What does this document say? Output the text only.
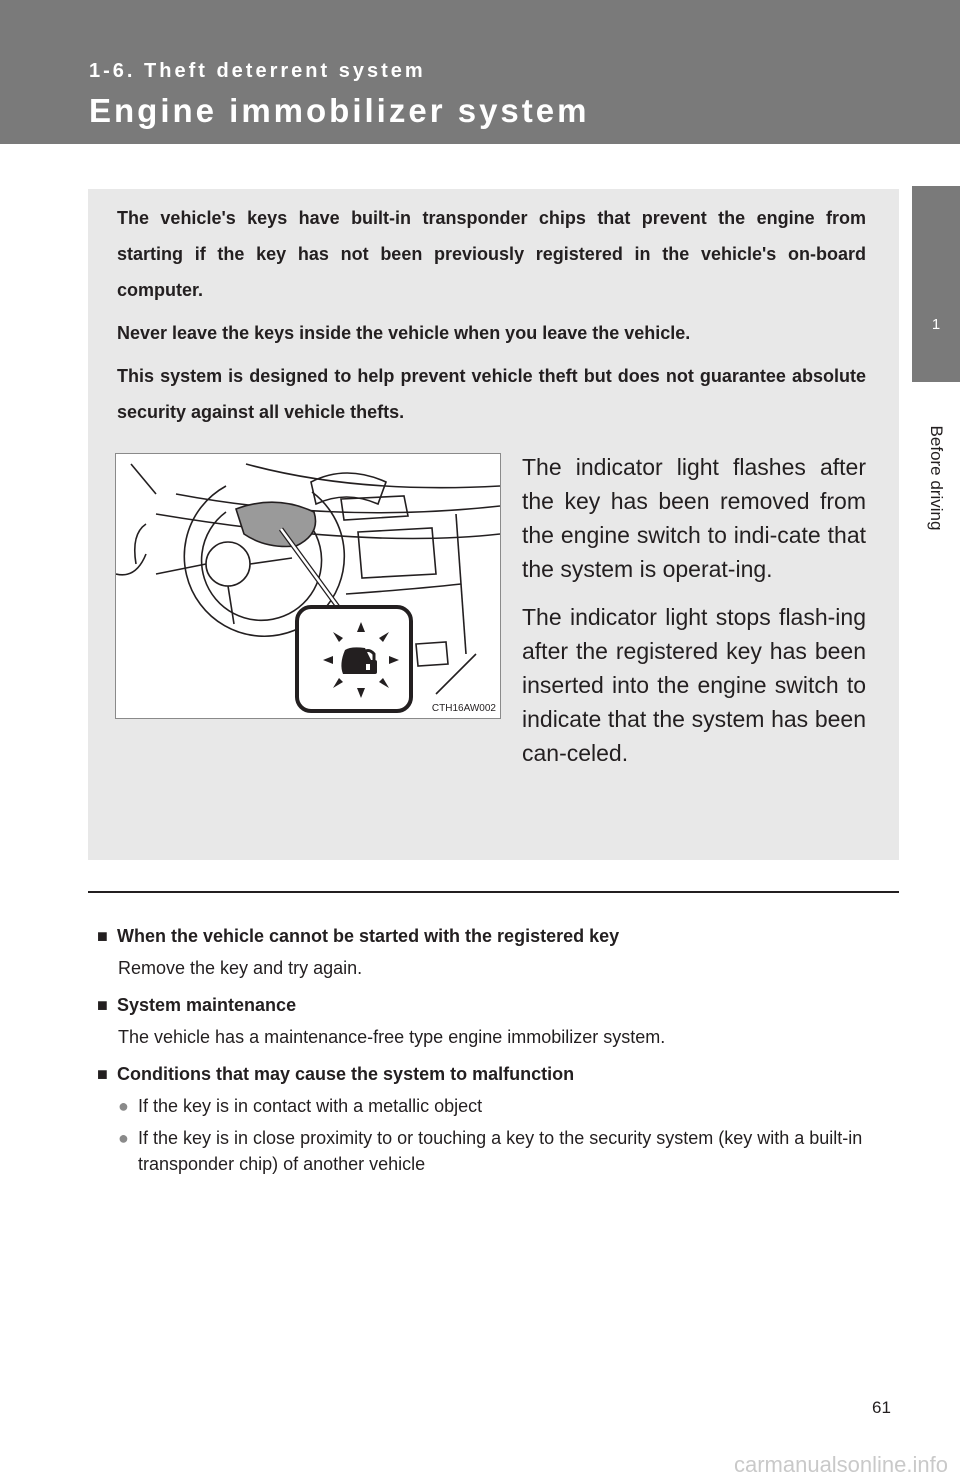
1-6. Theft deterrent system
Engine immobilizer system
1
Before driving

The vehicle's keys have built-in transponder chips that prevent the engine from starting if the key has not been previously registered in the vehicle's on-board computer.

Never leave the keys inside the vehicle when you leave the vehicle.

This system is designed to help prevent vehicle theft but does not guarantee absolute security against all vehicle thefts.

CTH16AW002

The indicator light flashes after the key has been removed from the engine switch to indi-cate that the system is operat-ing.

The indicator light stops flash-ing after the registered key has been inserted into the engine switch to indicate that the system has been can-celed.

■ When the vehicle cannot be started with the registered key

Remove the key and try again.

■ System maintenance

The vehicle has a maintenance-free type engine immobilizer system.

■ Conditions that may cause the system to malfunction

● If the key is in contact with a metallic object
● If the key is in close proximity to or touching a key to the security system (key with a built-in transponder chip) of another vehicle
61
carmanualsonline.info
